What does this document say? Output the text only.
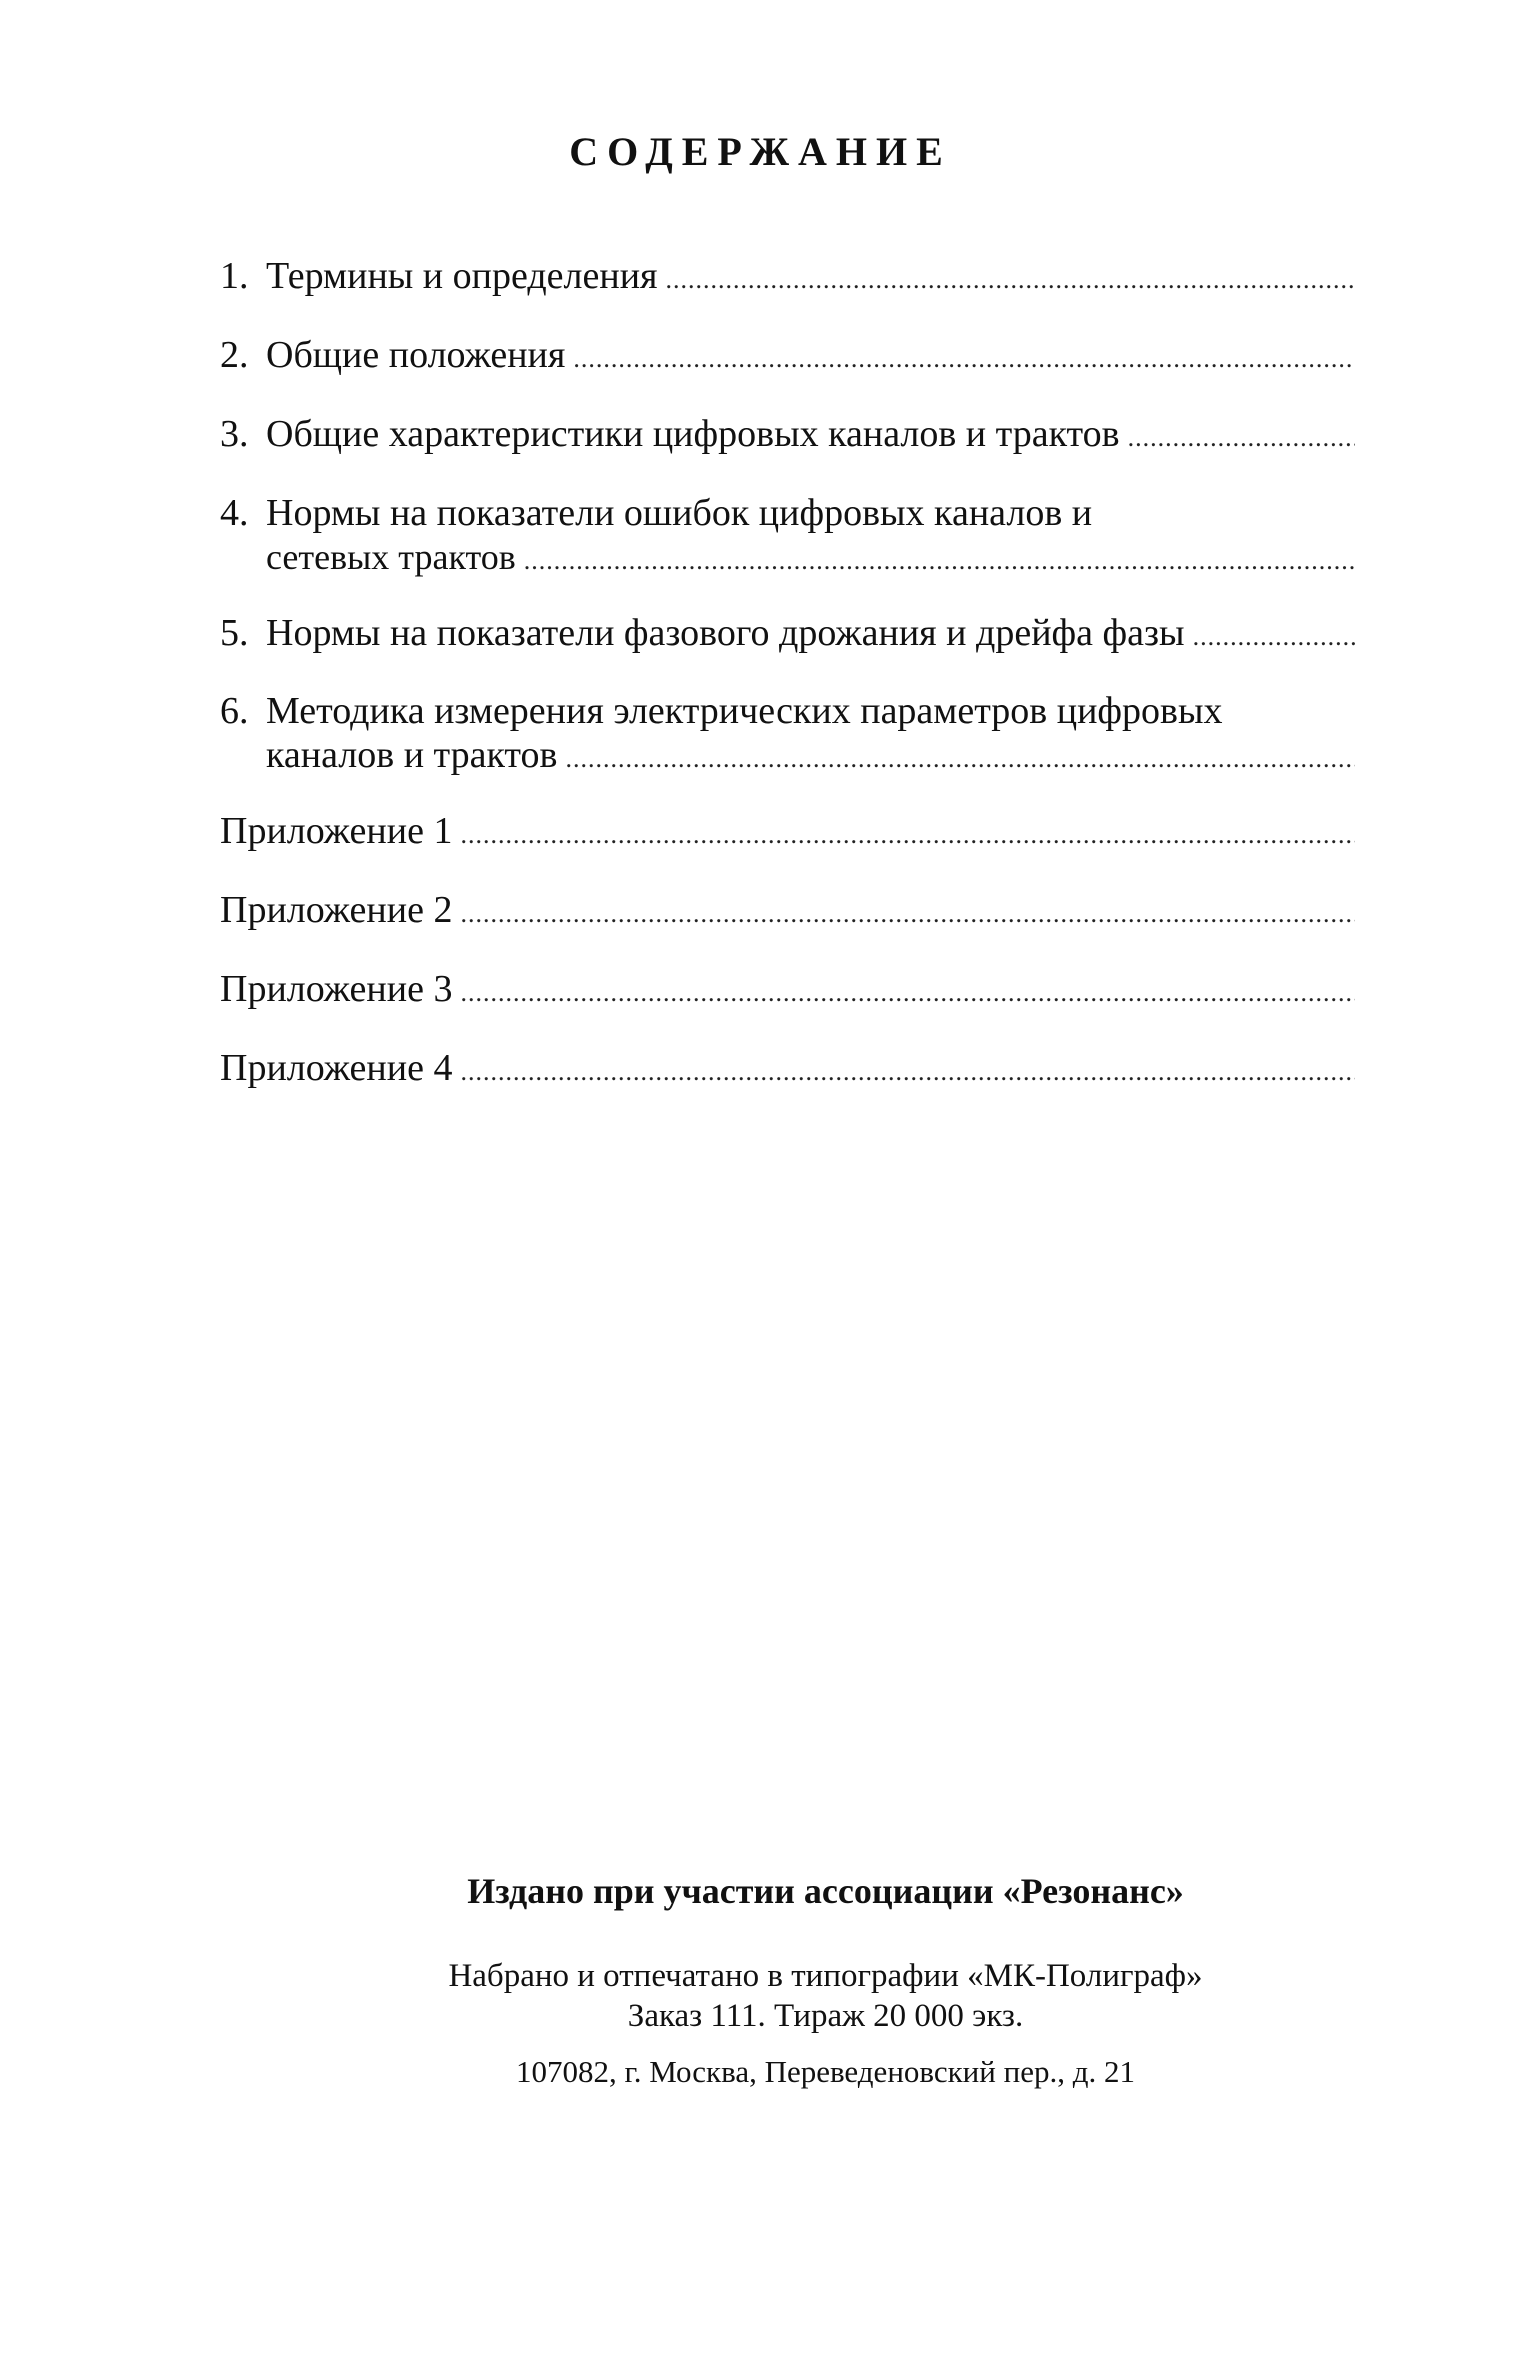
СОДЕРЖАНИЕ
1. Термины и определения
.....
2. Общие положения
.....
3. Общие характеристики цифровых каналов и трактов
.....
4. Нормы на показатели ошибок цифровых каналов и
сетевых трактов
.....
5. Нормы на показатели фазового дрожания и дрейфа фазы
.....
6. Методика измерения электрических параметров цифровых
каналов и трактов
.....
Приложение 1
.....
Приложение 2
.....
Приложение 3
.....
Приложение 4
.....
Издано при участии ассоциации «Резонанс»
Набрано и отпечатано в типографии «МК-Полиграф»
Заказ 111. Тираж 20 000 экз.
107082, г. Москва, Переведеновский пер., д. 21
